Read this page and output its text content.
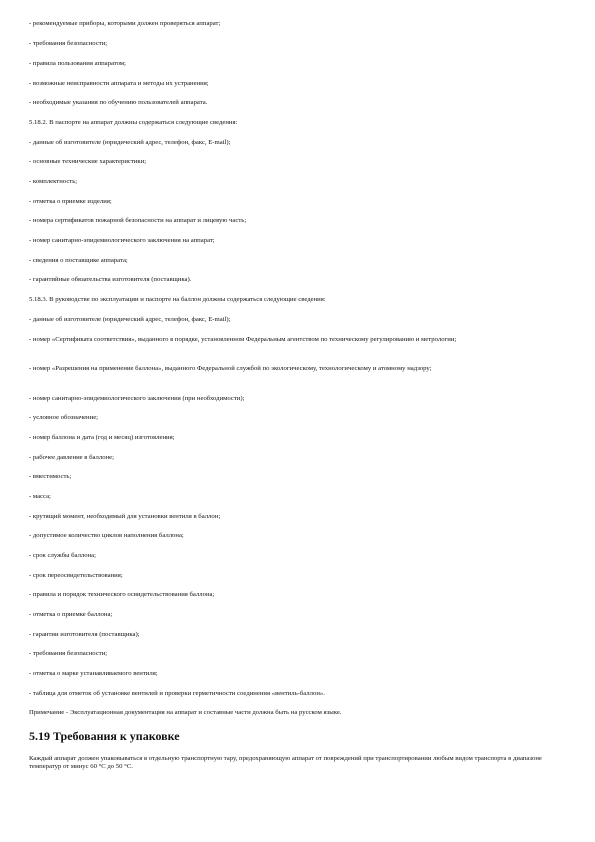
- рекомендуемые приборы, которыми должен проверяться аппарат;

- требования безопасности;

- правила пользования аппаратом;

- возможные неисправности аппарата и методы их устранения;

- необходимые указания по обучению пользователей аппарата.

5.18.2. В паспорте на аппарат должны содержаться следующие сведения:

- данные об изготовителе (юридический адрес, телефон, факс, E-mail);

- основные технические характеристики;

- комплектность;

- отметка о приемке изделия;

- номера сертификатов пожарной безопасности на аппарат и лицевую часть;

- номер санитарно-эпидемиологического заключения на аппарат;

- сведения о поставщике аппарата;

- гарантийные обязательства изготовителя (поставщика).

5.18.3. В руководстве по эксплуатации и паспорте на баллон должны содержаться следующие сведения:

- данные об изготовителе (юридический адрес, телефон, факс, E-mail);

- номер «Сертификата соответствия», выданного в порядке, установленном Федеральным агентством по техническому регулированию и метрологии;

- номер «Разрешения на применение баллона», выданного Федеральной службой по экологическому, технологическому и атомному надзору;

- номер санитарно-эпидемиологического заключения (при необходимости);

- условное обозначение;

- номер баллона и дата (год и месяц) изготовления;

- рабочее давление в баллоне;

- вместимость;

- масса;

- крутящий момент, необходимый для установки вентиля в баллон;

- допустимое количество циклов наполнения баллона;

- срок службы баллона;

- срок переосвидетельствования;

- правила и порядок технического освидетельствования баллона;

- отметка о приемке баллона;

- гарантии изготовителя (поставщика);

- требования безопасности;

- отметка о марке устанавливаемого вентиля;

- таблица для отметок об установке вентилей и проверки герметичности соединения «вентиль-баллон».

Примечание - Эксплуатационная документация на аппарат и составные части должна быть на русском языке.

5.19 Требования к упаковке

Каждый аппарат должен упаковываться в отдельную транспортную тару, предохраняющую аппарат от повреждений при транспортировании любым видом транспорта в диапазоне температур от минус 60 °С до 50 °С.
